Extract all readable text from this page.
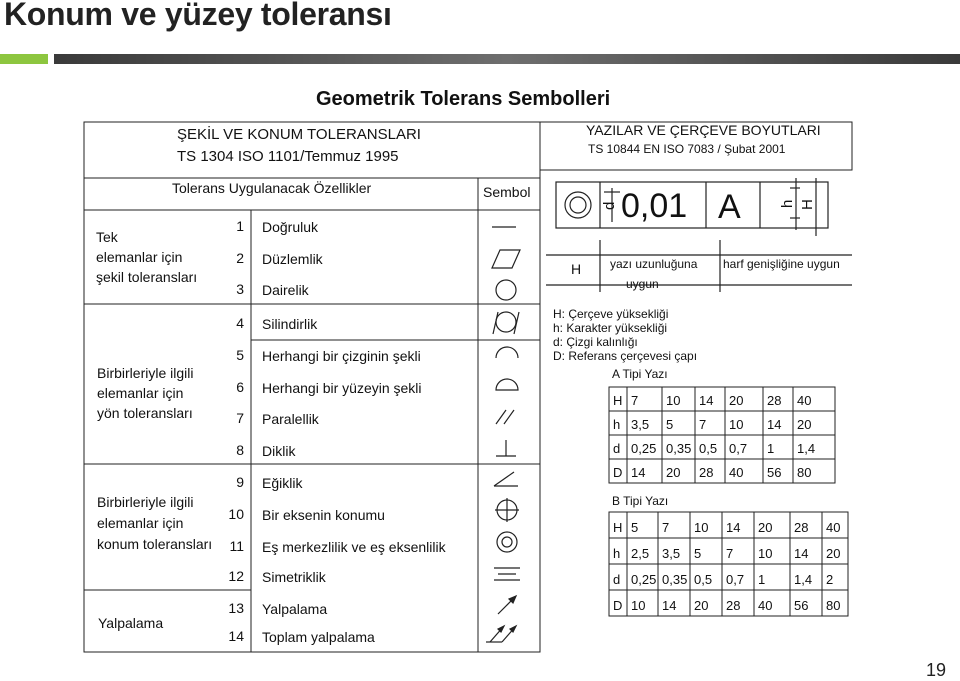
Konum ve yüzey toleransı
Geometrik Tolerans Sembolleri
19
ŞEKİL VE KONUM TOLERANSLARI
TS 1304 ISO 1101/Temmuz 1995
YAZILAR VE ÇERÇEVE BOYUTLARI
TS 10844 EN ISO 7083 / Şubat 2001
Tolerans Uygulanacak Özellikler	Sembol
Tek
elemanlar için
şekil toleransları
Birbirleriyle ilgili
elemanlar için
yön toleransları
Birbirleriyle ilgili
elemanlar için
konum toleransları
Yalpalama
1 Doğruluk
2 Düzlemlik
3 Dairelik
4 Silindirlik
5 Herhangi bir çizginin şekli
6 Herhangi bir yüzeyin şekli
7 Paralellik
8 Diklik
9 Eğiklik
10 Bir eksenin konumu
11 Eş merkezlilik ve eş eksenlilik
12 Simetriklik
13 Yalpalama
14 Toplam yalpalama
0,01 A
d	h H
H yazı uzunluğuna
uygun
harf genişliğine uygun
H: Çerçeve yüksekliği
h: Karakter yüksekliği
d: Çizgi kalınlığı
D: Referans çerçevesi çapı
A Tipi Yazı
H 7 10 14 20 28 40
h 3,5 5 7 10 14 20
d 0,25 0,35 0,5 0,7 1 1,4
D 14 20 28 40 56 80
B Tipi Yazı
H 5 7 10 14 20 28 40
h 2,5 3,5 5 7 10 14 20
d 0,25 0,35 0,5 0,7 1 1,4 2
D 10 14 20 28 40 56 80
